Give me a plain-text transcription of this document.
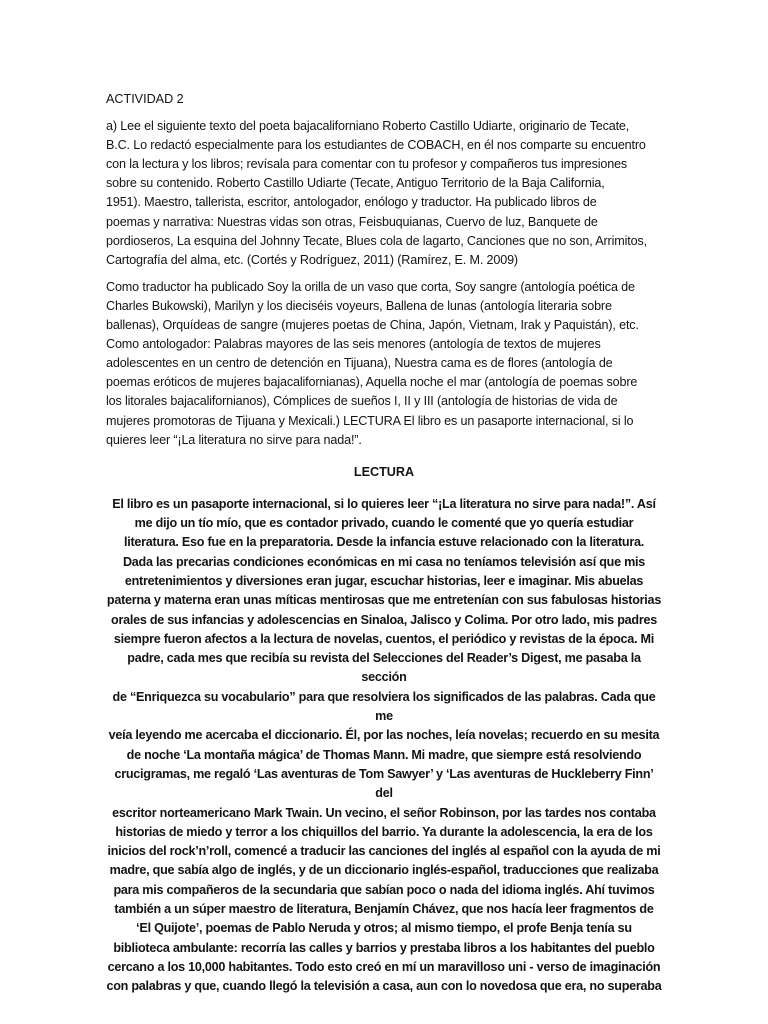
ACTIVIDAD 2

a) Lee el siguiente texto del poeta bajacaliforniano Roberto Castillo Udiarte, originario de Tecate,
B.C. Lo redactó especialmente para los estudiantes de COBACH, en él nos comparte su encuentro
con la lectura y los libros; revísala para comentar con tu profesor y compañeros tus impresiones
sobre su contenido. Roberto Castillo Udiarte (Tecate, Antiguo Territorio de la Baja California,
1951). Maestro, tallerista, escritor, antologador, enólogo y traductor. Ha publicado libros de
poemas y narrativa: Nuestras vidas son otras, Feisbuquianas, Cuervo de luz, Banquete de
pordioseros, La esquina del Johnny Tecate, Blues cola de lagarto, Canciones que no son, Arrimitos,
Cartografía del alma, etc. (Cortés y Rodríguez, 2011) (Ramírez, E. M. 2009)

Como traductor ha publicado Soy la orilla de un vaso que corta, Soy sangre (antología poética de
Charles Bukowski), Marilyn y los dieciséis voyeurs, Ballena de lunas (antología literaria sobre
ballenas), Orquídeas de sangre (mujeres poetas de China, Japón, Vietnam, Irak y Paquistán), etc.
Como antologador: Palabras mayores de las seis menores (antología de textos de mujeres
adolescentes en un centro de detención en Tijuana), Nuestra cama es de flores (antología de
poemas eróticos de mujeres bajacalifornianas), Aquella noche el mar (antología de poemas sobre
los litorales bajacalifornianos), Cómplices de sueños I, II y III (antología de historias de vida de
mujeres promotoras de Tijuana y Mexicali.) LECTURA El libro es un pasaporte internacional, si lo
quieres leer “¡La literatura no sirve para nada!”.

LECTURA

El libro es un pasaporte internacional, si lo quieres leer “¡La literatura no sirve para nada!”. Así
me dijo un tío mío, que es contador privado, cuando le comenté que yo quería estudiar
literatura. Eso fue en la preparatoria. Desde la infancia estuve relacionado con la literatura.
Dada las precarias condiciones económicas en mi casa no teníamos televisión así que mis
entretenimientos y diversiones eran jugar, escuchar historias, leer e imaginar. Mis abuelas
paterna y materna eran unas míticas mentirosas que me entretenían con sus fabulosas historias
orales de sus infancias y adolescencias en Sinaloa, Jalisco y Colima. Por otro lado, mis padres
siempre fueron afectos a la lectura de novelas, cuentos, el periódico y revistas de la época. Mi
padre, cada mes que recibía su revista del Selecciones del Reader’s Digest, me pasaba la sección
de “Enriquezca su vocabulario” para que resolviera los significados de las palabras. Cada que me
veía leyendo me acercaba el diccionario. Él, por las noches, leía novelas; recuerdo en su mesita
de noche ‘La montaña mágica’ de Thomas Mann. Mi madre, que siempre está resolviendo
crucigramas, me regaló ‘Las aventuras de Tom Sawyer’ y ‘Las aventuras de Huckleberry Finn’ del
escritor norteamericano Mark Twain. Un vecino, el señor Robinson, por las tardes nos contaba
historias de miedo y terror a los chiquillos del barrio. Ya durante la adolescencia, la era de los
inicios del rock’n’roll, comencé a traducir las canciones del inglés al español con la ayuda de mi
madre, que sabía algo de inglés, y de un diccionario inglés-español, traducciones que realizaba
para mis compañeros de la secundaria que sabían poco o nada del idioma inglés. Ahí tuvimos
también a un súper maestro de literatura, Benjamín Chávez, que nos hacía leer fragmentos de
‘El Quijote’, poemas de Pablo Neruda y otros; al mismo tiempo, el profe Benja tenía su
biblioteca ambulante: recorría las calles y barrios y prestaba libros a los habitantes del pueblo
cercano a los 10,000 habitantes. Todo esto creó en mí un maravilloso uni - verso de imaginación
con palabras y que, cuando llegó la televisión a casa, aun con lo novedosa que era, no superaba
